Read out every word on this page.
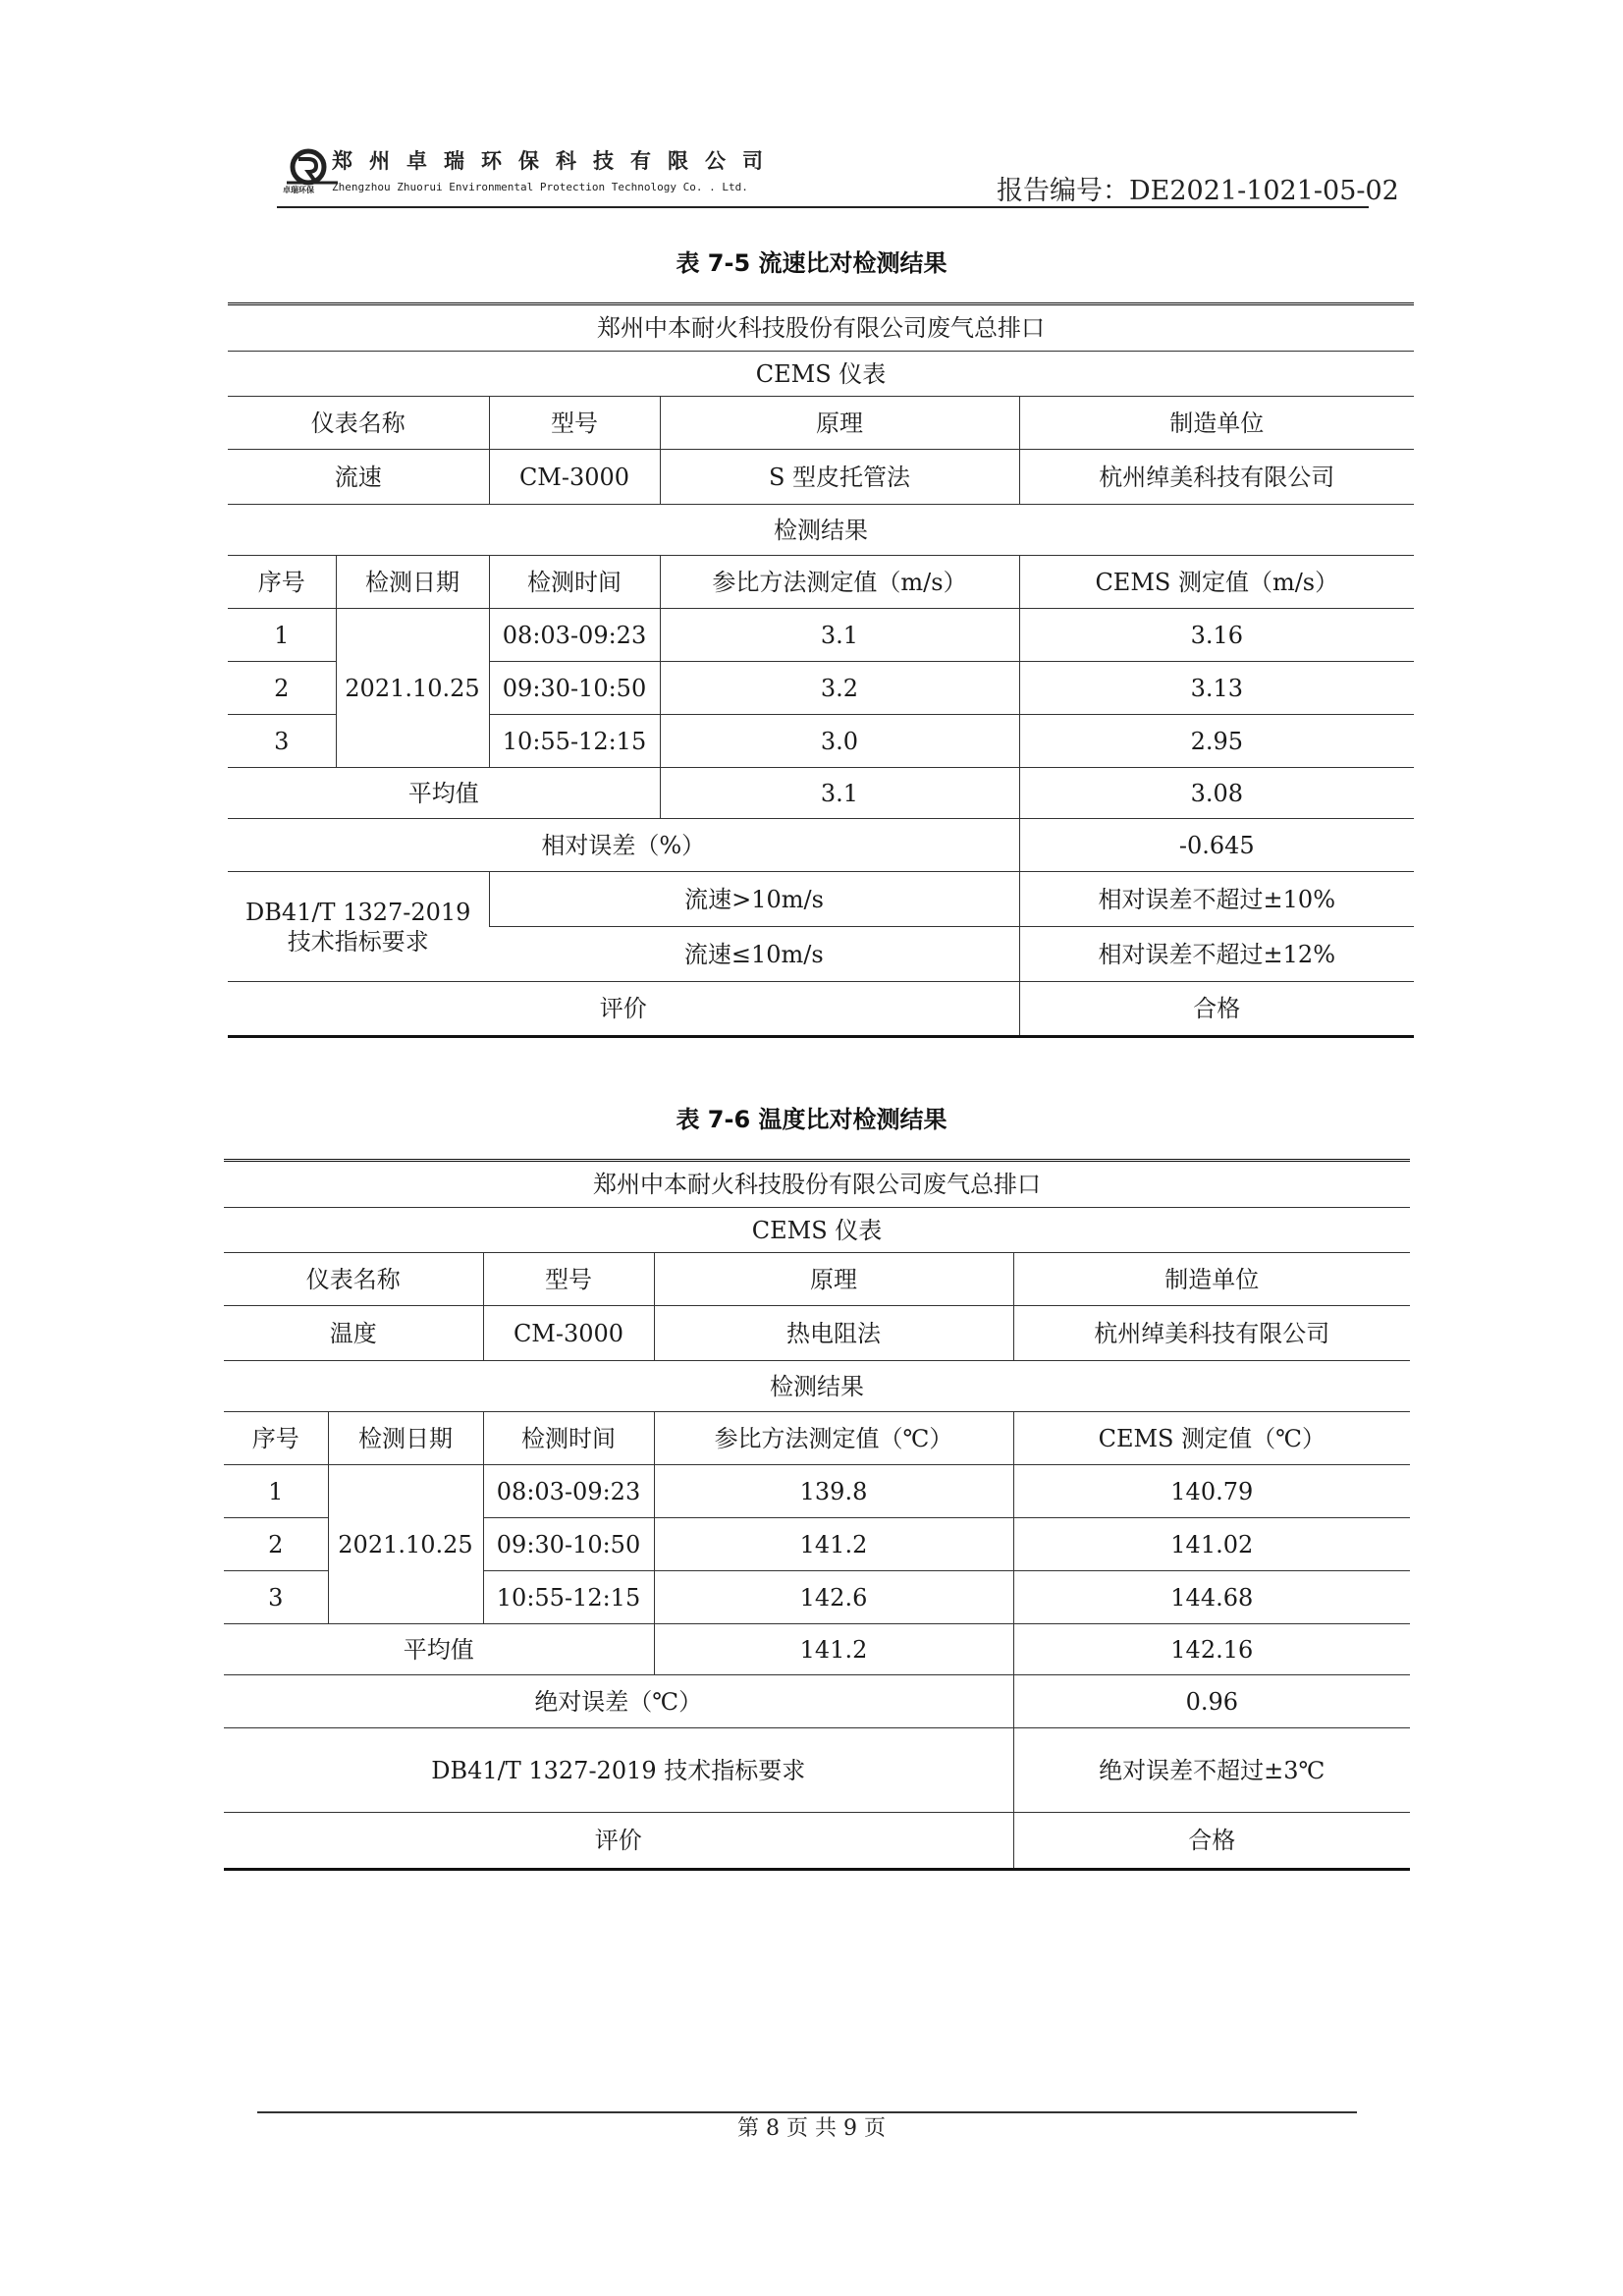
卓瑞环保
郑州卓瑞环保科技有限公司
Zhengzhou Zhuorui Environmental Protection Technology Co. . Ltd.	报告编号：DE2021-1021-05-02
表 7-5 流速比对检测结果
郑州中本耐火科技股份有限公司废气总排口				
CEMS 仪表				
仪表名称		型号	原理	制造单位
流速		CM-3000	S 型皮托管法	杭州绰美科技有限公司
检测结果				
序号	检测日期	检测时间	参比方法测定值（m/s）	CEMS 测定值（m/s）
1	2021.10.25	08:03-09:23	3.1	3.16
2		09:30-10:50	3.2	3.13
3		10:55-12:15	3.0	2.95
平均值			3.1	3.08
相对误差（%）				-0.645

DB41/T 1327-2019
技术指标要求		流速>10m/s		相对误差不超过±10%
		流速≤10m/s		相对误差不超过±12%
评价				合格
表 7-6 温度比对检测结果
郑州中本耐火科技股份有限公司废气总排口				
CEMS 仪表				
仪表名称		型号	原理	制造单位
温度		CM-3000	热电阻法	杭州绰美科技有限公司
检测结果				
序号	检测日期	检测时间	参比方法测定值（℃）	CEMS 测定值（℃）
1	2021.10.25	08:03-09:23	139.8	140.79
2		09:30-10:50	141.2	141.02
3		10:55-12:15	142.6	144.68
平均值			141.2	142.16
绝对误差（℃）				0.96
DB41/T 1327-2019 技术指标要求				绝对误差不超过±3℃
评价				合格
第 8 页 共 9 页
